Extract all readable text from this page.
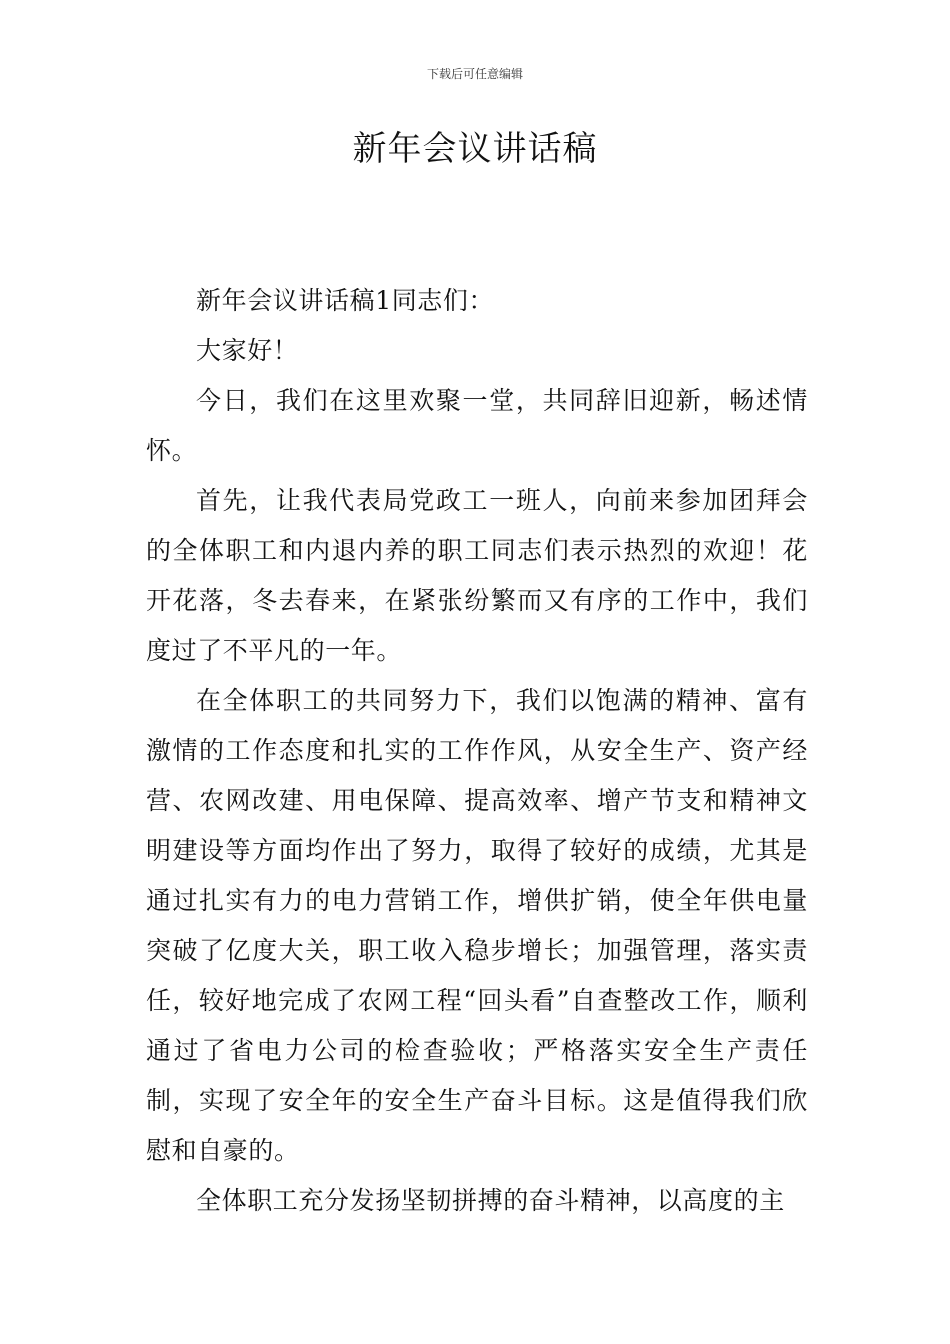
下载后可任意编辑
新年会议讲话稿

新年会议讲话稿1同志们：

大家好！

今日，我们在这里欢聚一堂，共同辞旧迎新，畅述情怀。

首先，让我代表局党政工一班人，向前来参加团拜会的全体职工和内退内养的职工同志们表示热烈的欢迎！花开花落，冬去春来，在紧张纷繁而又有序的工作中，我们度过了不平凡的一年。

在全体职工的共同努力下，我们以饱满的精神、富有激情的工作态度和扎实的工作作风，从安全生产、资产经营、农网改建、用电保障、提高效率、增产节支和精神文明建设等方面均作出了努力，取得了较好的成绩，尤其是通过扎实有力的电力营销工作，增供扩销，使全年供电量突破了亿度大关，职工收入稳步增长；加强管理，落实责任，较好地完成了农网工程“回头看”自查整改工作，顺利通过了省电力公司的检查验收；严格落实安全生产责任制，实现了安全年的安全生产奋斗目标。这是值得我们欣慰和自豪的。

全体职工充分发扬坚韧拼搏的奋斗精神，以高度的主
